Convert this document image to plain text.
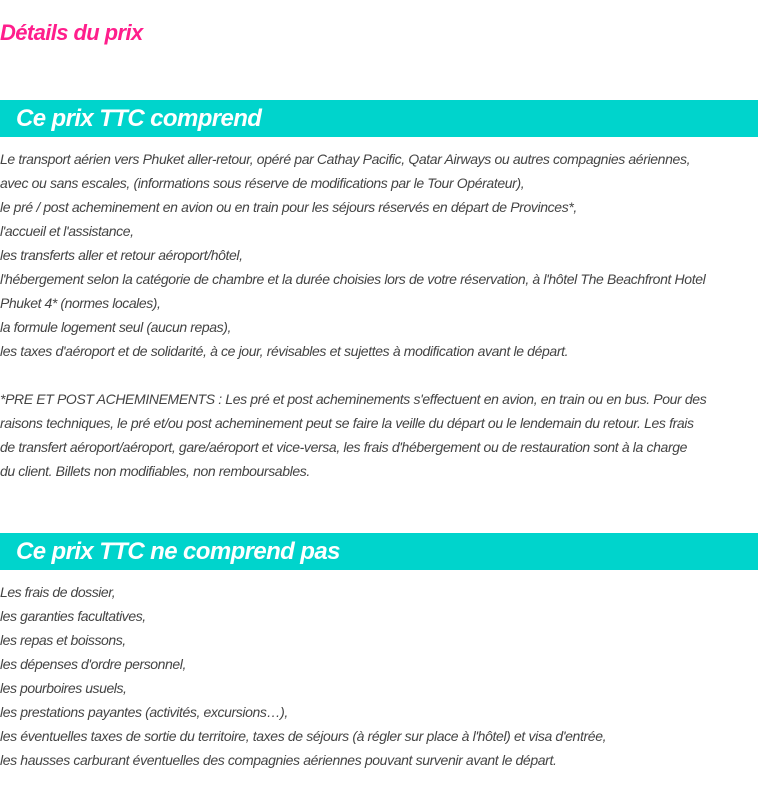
Détails du prix
Ce prix TTC comprend
Le transport aérien vers Phuket aller-retour, opéré par Cathay Pacific, Qatar Airways ou autres compagnies aériennes,
avec ou sans escales, (informations sous réserve de modifications par le Tour Opérateur),
le pré / post acheminement en avion ou en train pour les séjours réservés en départ de Provinces*,
l'accueil et l'assistance,
les transferts aller et retour aéroport/hôtel,
l'hébergement selon la catégorie de chambre et la durée choisies lors de votre réservation, à l'hôtel The Beachfront Hotel
Phuket 4* (normes locales),
la formule logement seul (aucun repas),
les taxes d'aéroport et de solidarité, à ce jour, révisables et sujettes à modification avant le départ.
*PRE ET POST ACHEMINEMENTS : Les pré et post acheminements s'effectuent en avion, en train ou en bus. Pour des
raisons techniques, le pré et/ou post acheminement peut se faire la veille du départ ou le lendemain du retour. Les frais
de transfert aéroport/aéroport, gare/aéroport et vice-versa, les frais d'hébergement ou de restauration sont à la charge
du client. Billets non modifiables, non remboursables.
Ce prix TTC ne comprend pas
Les frais de dossier,
les garanties facultatives,
les repas et boissons,
les dépenses d'ordre personnel,
les pourboires usuels,
les prestations payantes (activités, excursions…),
les éventuelles taxes de sortie du territoire, taxes de séjours (à régler sur place à l'hôtel) et visa d'entrée,
les hausses carburant éventuelles des compagnies aériennes pouvant survenir avant le départ.
